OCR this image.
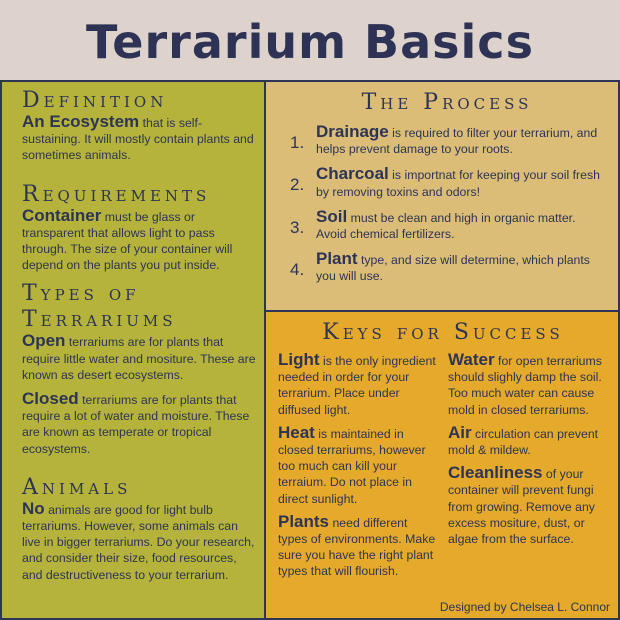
Terrarium Basics
Definition
An Ecosystem that is self-sustaining. It will mostly contain plants and sometimes animals.
Requirements
Container must be glass or transparent that allows light to pass through. The size of your container will depend on the plants you put inside.
Types of Terrariums
Open terrariums are for plants that require little water and mositure. These are known as desert ecosystems.
Closed terrariums are for plants that require a lot of water and moisture. These are known as temperate or tropical ecosystems.
Animals
No animals are good for light bulb terrariums. However, some animals can live in bigger terrariums. Do your research, and consider their size, food resources, and destructiveness to your terrarium.
The Process
1.
Drainage is required to filter your terrarium, and helps prevent damage to your roots.
2.
Charcoal is importnat for keeping your soil fresh by removing toxins and odors!
3.
Soil must be clean and high in organic matter. Avoid chemical fertilizers.
4.
Plant type, and size will determine, which plants you will use.
Keys for Success
Light is the only ingredient needed in order for your terrarium. Place under diffused light.
Heat is maintained in closed terrariums, however too much can kill your terraium. Do not place in direct sunlight.
Plants need different types of environments. Make sure you have the right plant types that will flourish.
Water for open terrariums should slighly damp the soil. Too much water can cause mold in closed terrariums.
Air circulation can prevent mold & mildew.
Cleanliness of your container will prevent fungi from growing. Remove any excess mositure, dust, or algae from the surface.
Designed by Chelsea L. Connor
